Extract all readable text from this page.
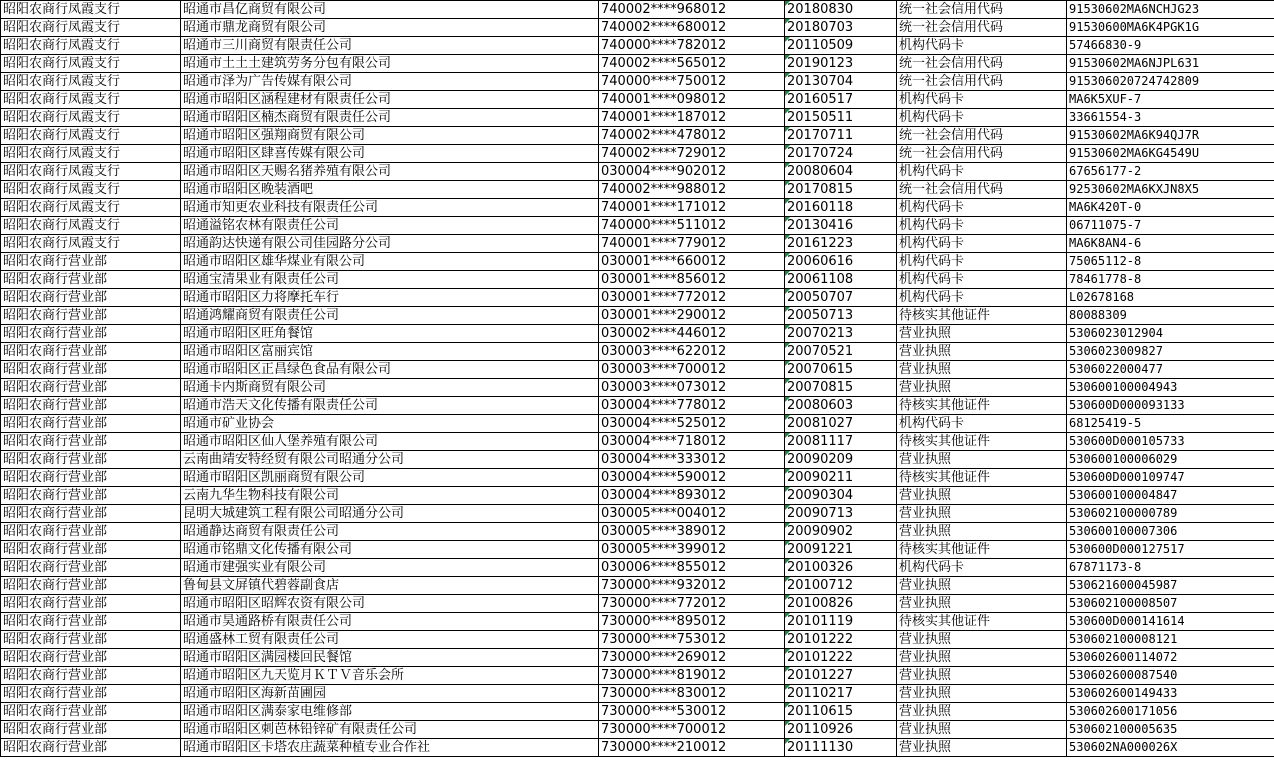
昭阳农商行凤霞支行	昭通市昌亿商贸有限公司	740002****968012	20180830	统一社会信用代码	91530602MA6NCHJG23
昭阳农商行凤霞支行	昭通市鼎龙商贸有限公司	740002****680012	20180703	统一社会信用代码	91530600MA6K4PGK1G
昭阳农商行凤霞支行	昭通市三川商贸有限责任公司	740000****782012	20110509	机构代码卡	57466830-9
昭阳农商行凤霞支行	昭通市土土土建筑劳务分包有限公司	740002****565012	20190123	统一社会信用代码	91530602MA6NJPL631
昭阳农商行凤霞支行	昭通市泽为广告传媒有限公司	740000****750012	20130704	统一社会信用代码	915306020724742809
昭阳农商行凤霞支行	昭通市昭阳区涵程建材有限责任公司	740001****098012	20160517	机构代码卡	MA6K5XUF-7
昭阳农商行凤霞支行	昭通市昭阳区楠杰商贸有限责任公司	740001****187012	20150511	机构代码卡	33661554-3
昭阳农商行凤霞支行	昭通市昭阳区强翔商贸有限公司	740002****478012	20170711	统一社会信用代码	91530602MA6K94QJ7R
昭阳农商行凤霞支行	昭通市昭阳区肆喜传媒有限公司	740002****729012	20170724	统一社会信用代码	91530602MA6KG4549U
昭阳农商行凤霞支行	昭通市昭阳区天赐名猪养殖有限公司	030004****902012	20080604	机构代码卡	67656177-2
昭阳农商行凤霞支行	昭通市昭阳区晚装酒吧	740002****988012	20170815	统一社会信用代码	92530602MA6KXJN8X5
昭阳农商行凤霞支行	昭通市知更农业科技有限责任公司	740001****171012	20160118	机构代码卡	MA6K420T-0
昭阳农商行凤霞支行	昭通溢铭农林有限责任公司	740000****511012	20130416	机构代码卡	06711075-7
昭阳农商行凤霞支行	昭通韵达快递有限公司佳园路分公司	740001****779012	20161223	机构代码卡	MA6K8AN4-6
昭阳农商行营业部	昭通市昭阳区雄华煤业有限公司	030001****660012	20060616	机构代码卡	75065112-8
昭阳农商行营业部	昭通宝清果业有限责任公司	030001****856012	20061108	机构代码卡	78461778-8
昭阳农商行营业部	昭通市昭阳区力将摩托车行	030001****772012	20050707	机构代码卡	L02678168
昭阳农商行营业部	昭通鸿耀商贸有限责任公司	030001****290012	20050713	待核实其他证件	80088309
昭阳农商行营业部	昭通市昭阳区旺角餐馆	030002****446012	20070213	营业执照	5306023012904
昭阳农商行营业部	昭通市昭阳区富丽宾馆	030003****622012	20070521	营业执照	5306023009827
昭阳农商行营业部	昭通市昭阳区正昌绿色食品有限公司	030003****700012	20070615	营业执照	5306022000477
昭阳农商行营业部	昭通卡内斯商贸有限公司	030003****073012	20070815	营业执照	530600100004943
昭阳农商行营业部	昭通市浩天文化传播有限责任公司	030004****778012	20080603	待核实其他证件	530600D000093133
昭阳农商行营业部	昭通市矿业协会	030004****525012	20081027	机构代码卡	68125419-5
昭阳农商行营业部	昭通市昭阳区仙人堡养殖有限公司	030004****718012	20081117	待核实其他证件	530600D000105733
昭阳农商行营业部	云南曲靖安特经贸有限公司昭通分公司	030004****333012	20090209	营业执照	530600100006029
昭阳农商行营业部	昭通市昭阳区凯丽商贸有限公司	030004****590012	20090211	待核实其他证件	530600D000109747
昭阳农商行营业部	云南九华生物科技有限公司	030004****893012	20090304	营业执照	530600100004847
昭阳农商行营业部	昆明大城建筑工程有限公司昭通分公司	030005****004012	20090713	营业执照	530602100000789
昭阳农商行营业部	昭通静达商贸有限责任公司	030005****389012	20090902	营业执照	530600100007306
昭阳农商行营业部	昭通市铭鼎文化传播有限公司	030005****399012	20091221	待核实其他证件	530600D000127517
昭阳农商行营业部	昭通市建强实业有限公司	030006****855012	20100326	机构代码卡	67871173-8
昭阳农商行营业部	鲁甸县文屏镇代碧蓉副食店	730000****932012	20100712	营业执照	530621600045987
昭阳农商行营业部	昭通市昭阳区昭辉农资有限公司	730000****772012	20100826	营业执照	530602100008507
昭阳农商行营业部	昭通市昊通路桥有限责任公司	730000****895012	20101119	待核实其他证件	530600D000141614
昭阳农商行营业部	昭通盛林工贸有限责任公司	730000****753012	20101222	营业执照	530602100008121
昭阳农商行营业部	昭通市昭阳区满园楼回民餐馆	730000****269012	20101222	营业执照	530602600114072
昭阳农商行营业部	昭通市昭阳区九天览月ＫＴＶ音乐会所	730000****819012	20101227	营业执照	530602600087540
昭阳农商行营业部	昭通市昭阳区海新苗圃园	730000****830012	20110217	营业执照	530602600149433
昭阳农商行营业部	昭通市昭阳区满泰家电维修部	730000****530012	20110615	营业执照	530602600171056
昭阳农商行营业部	昭通市昭阳区刺芭林铅锌矿有限责任公司	730000****700012	20110926	营业执照	530602100005635
昭阳农商行营业部	昭通市昭阳区卡塔农庄蔬菜种植专业合作社	730000****210012	20111130	营业执照	530602NA000026X
